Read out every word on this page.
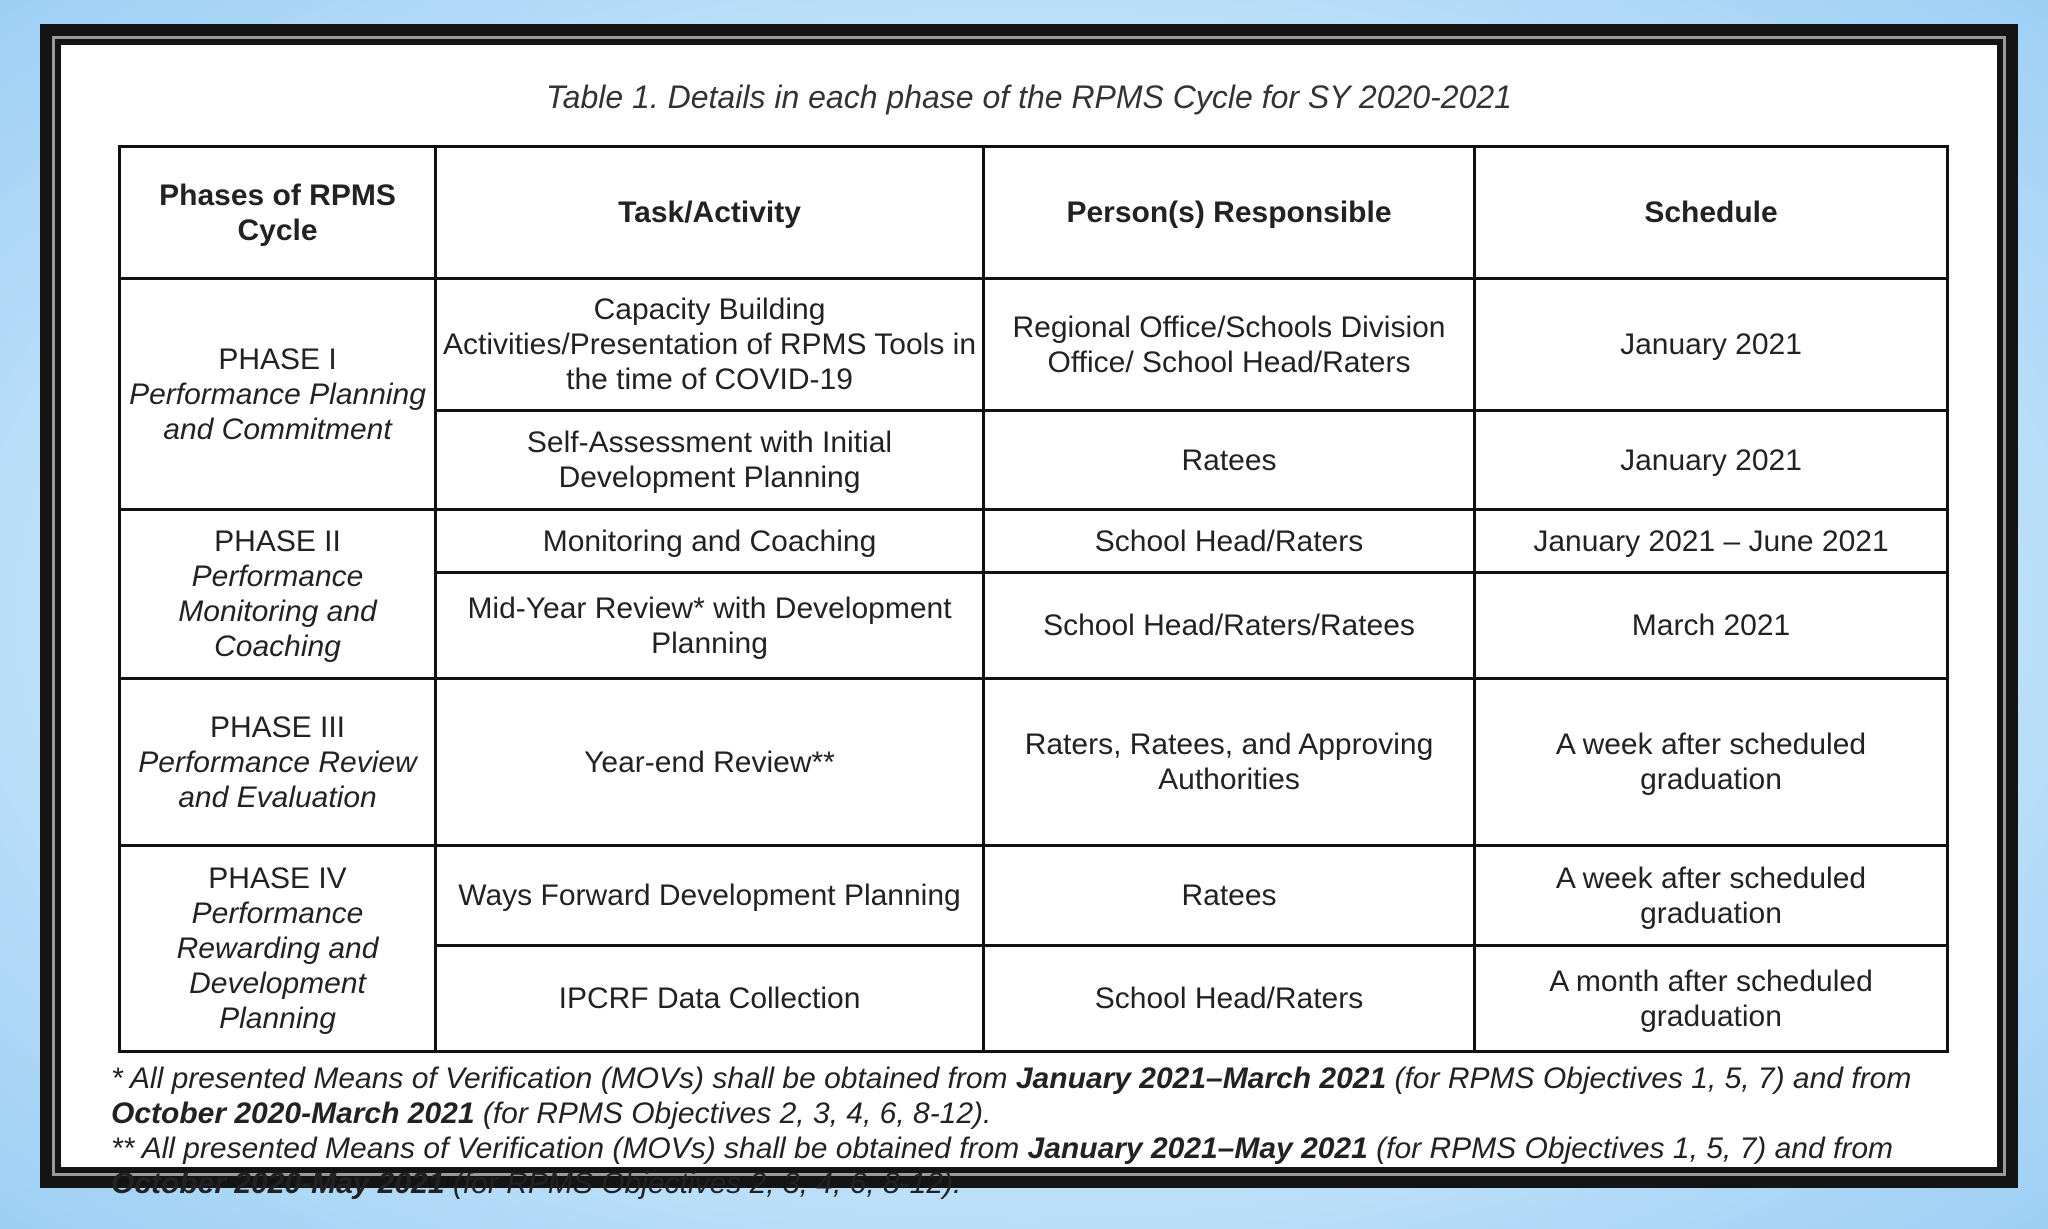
Table 1. Details in each phase of the RPMS Cycle for SY 2020-2021
Phases of RPMS Cycle	Task/Activity	Person(s) Responsible	Schedule

PHASE I
Performance Planning and Commitment	Capacity Building Activities/Presentation of RPMS Tools in the time of COVID-19	Regional Office/Schools Division Office/ School Head/Raters	January 2021
	Self-Assessment with Initial Development Planning	Ratees	January 2021

PHASE II
Performance Monitoring and Coaching	Monitoring and Coaching	School Head/Raters	January 2021 – June 2021
	Mid-Year Review* with Development Planning	School Head/Raters/Ratees	March 2021

PHASE III
Performance Review and Evaluation	Year-end Review**	Raters, Ratees, and Approving Authorities	A week after scheduled graduation

PHASE IV
Performance Rewarding and Development Planning	Ways Forward Development Planning	Ratees	A week after scheduled graduation
	IPCRF Data Collection	School Head/Raters	A month after scheduled graduation
* All presented Means of Verification (MOVs) shall be obtained from January 2021–March 2021 (for RPMS Objectives 1, 5, 7) and from October 2020-March 2021 (for RPMS Objectives 2, 3, 4, 6, 8-12).
** All presented Means of Verification (MOVs) shall be obtained from January 2021–May 2021 (for RPMS Objectives 1, 5, 7) and from October 2020-May 2021 (for RPMS Objectives 2, 3, 4, 6, 8-12).
